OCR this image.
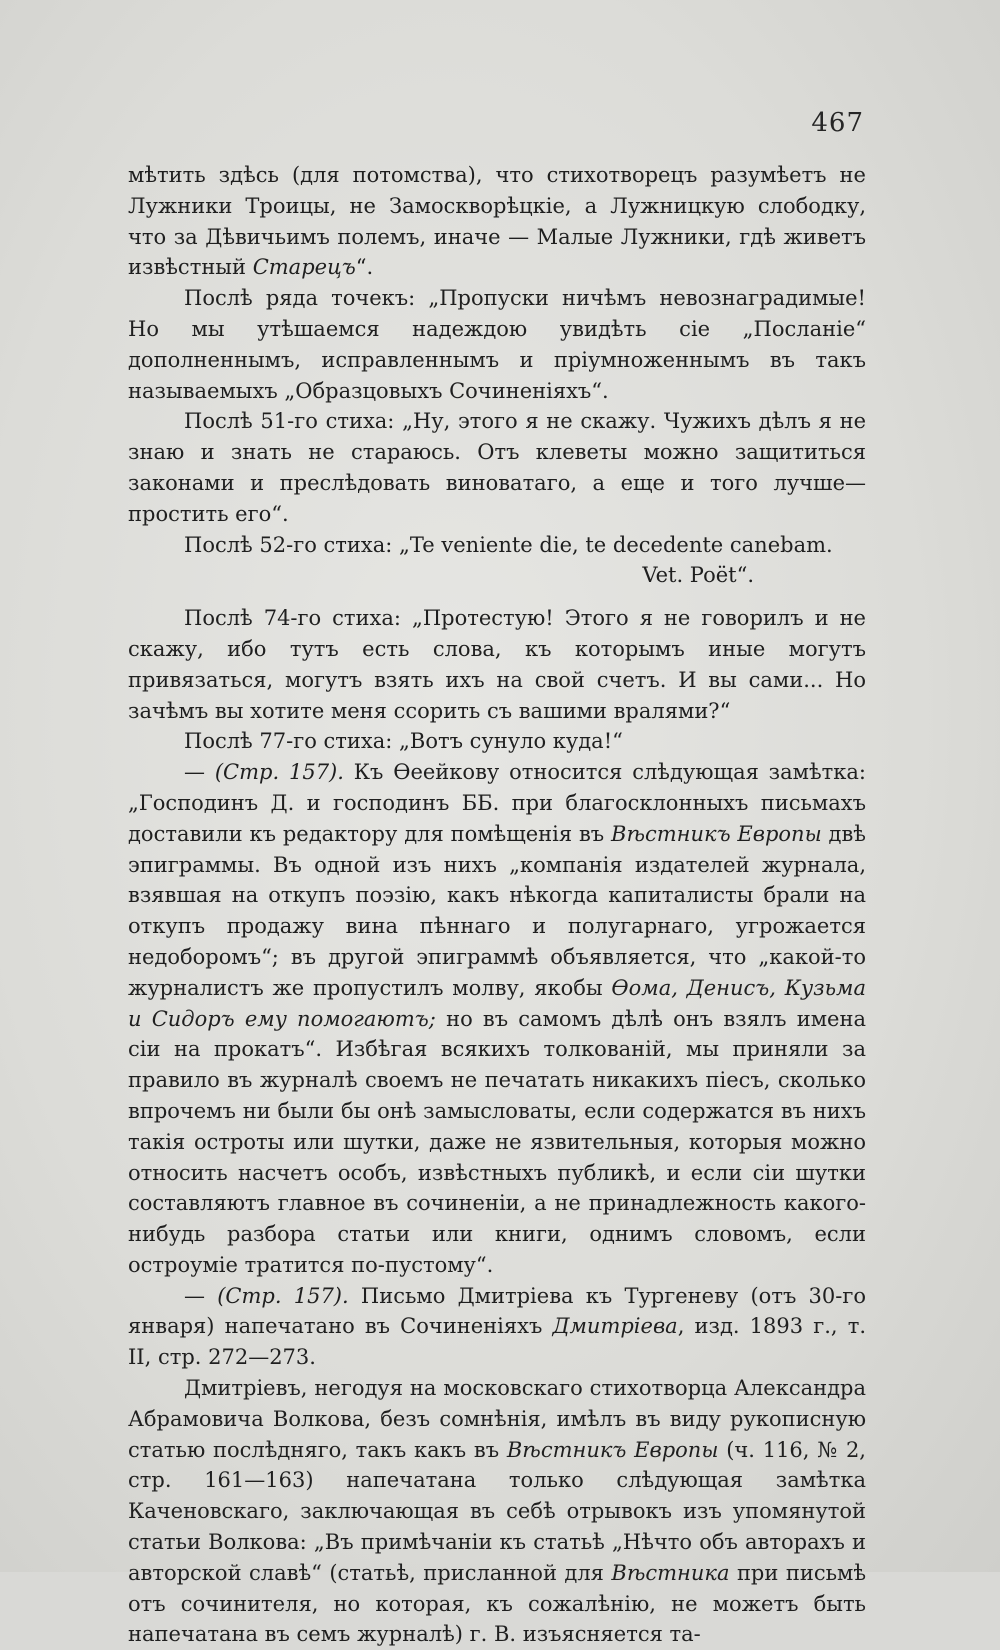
467

мѣтить здѣсь (для потомства), что стихотворецъ разумѣетъ не Лужники Троицы, не Замоскворѣцкіе, а Лужницкую слободку, что за Дѣвичьимъ полемъ, иначе — Малые Лужники, гдѣ живетъ извѣстный Старецъ“.

Послѣ ряда точекъ: „Пропуски ничѣмъ невознаградимые! Но мы утѣшаемся надеждою увидѣть сіе „Посланіе“ дополненнымъ, исправленнымъ и пріумноженнымъ въ такъ называемыхъ „Образцовыхъ Сочиненіяхъ“.

Послѣ 51-го стиха: „Ну, этого я не скажу. Чужихъ дѣлъ я не знаю и знать не стараюсь. Отъ клеветы можно защититься законами и преслѣдовать виноватаго, а еще и того лучше—простить его“.

Послѣ 52-го стиха: „Te veniente die, te decedente canebam.

Vet. Poët“.

Послѣ 74-го стиха: „Протестую! Этого я не говорилъ и не скажу, ибо тутъ есть слова, къ которымъ иные могутъ привязаться, могутъ взять ихъ на свой счетъ. И вы сами... Но зачѣмъ вы хотите меня ссорить съ вашими вралями?“

Послѣ 77-го стиха: „Вотъ сунуло куда!“

— (Стр. 157). Къ Ѳеейкову относится слѣдующая замѣтка: „Господинъ Д. и господинъ ББ. при благосклонныхъ письмахъ доставили къ редактору для помѣщенія въ Вѣстникъ Европы двѣ эпиграммы. Въ одной изъ нихъ „компанія издателей журнала, взявшая на откупъ поэзію, какъ нѣкогда капиталисты брали на откупъ продажу вина пѣннаго и полугарнаго, угрожается недоборомъ“; въ другой эпиграммѣ объявляется, что „какой-то журналистъ же пропустилъ молву, якобы Ѳома, Денисъ, Кузьма и Сидоръ ему помогаютъ; но въ самомъ дѣлѣ онъ взялъ имена сіи на прокатъ“. Избѣгая всякихъ толкованій, мы приняли за правило въ журналѣ своемъ не печатать никакихъ піесъ, сколько впрочемъ ни были бы онѣ замысловаты, если содержатся въ нихъ такія остроты или шутки, даже не язвительныя, которыя можно относить насчетъ особъ, извѣстныхъ публикѣ, и если сіи шутки составляютъ главное въ сочиненіи, а не принадлежность какого-нибудь разбора статьи или книги, однимъ словомъ, если остроуміе тратится по-пустому“.

— (Стр. 157). Письмо Дмитріева къ Тургеневу (отъ 30-го января) напечатано въ Сочиненіяхъ Дмитріева, изд. 1893 г., т. II, стр. 272—273.

Дмитріевъ, негодуя на московскаго стихотворца Александра Абрамовича Волкова, безъ сомнѣнія, имѣлъ въ виду рукописную статью послѣдняго, такъ какъ въ Вѣстникъ Европы (ч. 116, № 2, стр. 161—163) напечатана только слѣдующая замѣтка Каченовскаго, заключающая въ себѣ отрывокъ изъ упомянутой статьи Волкова: „Въ примѣчаніи къ статьѣ „Нѣчто объ авторахъ и авторской славѣ“ (статьѣ, присланной для Вѣстника при письмѣ отъ сочинителя, но которая, къ сожалѣнію, не можетъ быть напечатана въ семъ журналѣ) г. В. изъясняется та-
